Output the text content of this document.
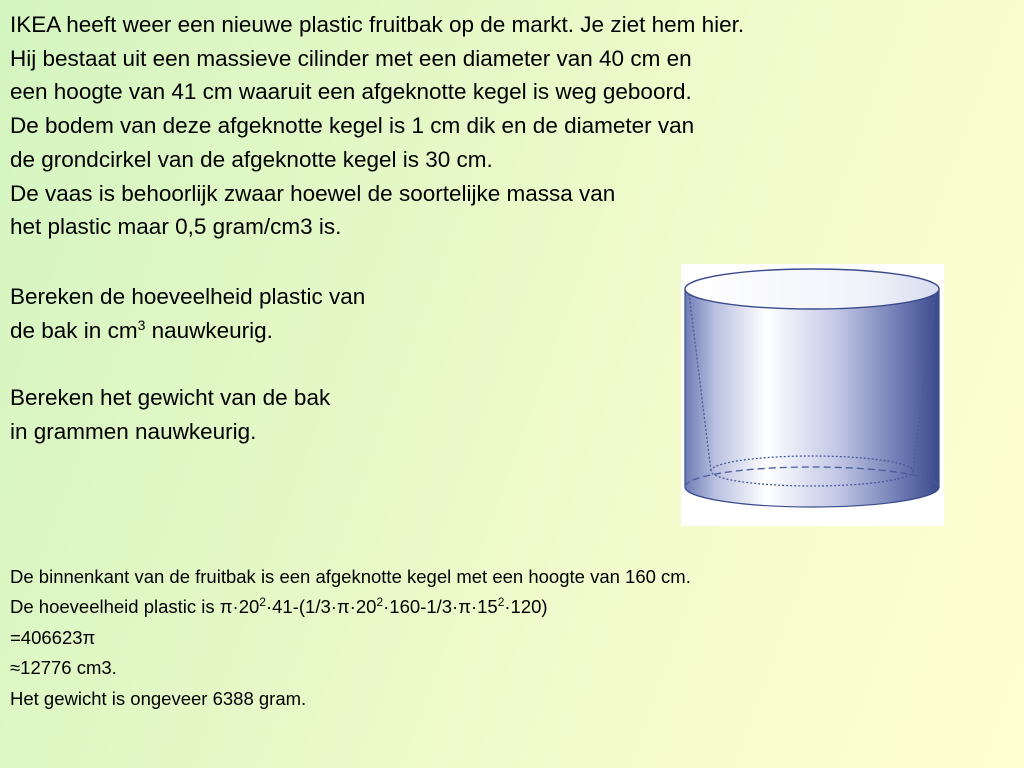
IKEA heeft weer een nieuwe plastic fruitbak op de markt. Je ziet hem hier.

Hij bestaat uit een massieve cilinder met een diameter van 40 cm en

een hoogte van 41 cm waaruit een afgeknotte kegel is weg geboord.

De bodem van deze afgeknotte kegel is 1 cm dik en de diameter van

de grondcirkel van de afgeknotte kegel is 30 cm.

De vaas is behoorlijk zwaar hoewel de soortelijke massa van

het plastic maar 0,5 gram/cm3 is.

Bereken de hoeveelheid plastic van

de bak in $cm^3$ nauwkeurig.

Bereken het gewicht van de bak

in grammen nauwkeurig.

De binnenkant van de fruitbak is een afgeknotte kegel met een hoogte van 160 cm.

De hoeveelheid plastic is $\pi\cdot 20^2\cdot 41-(1/3\cdot\pi\cdot 20^2\cdot 160-1/3\cdot\pi\cdot 15^2\cdot 120)$

=406623π

≈12776 cm3.

Het gewicht is ongeveer 6388 gram.
